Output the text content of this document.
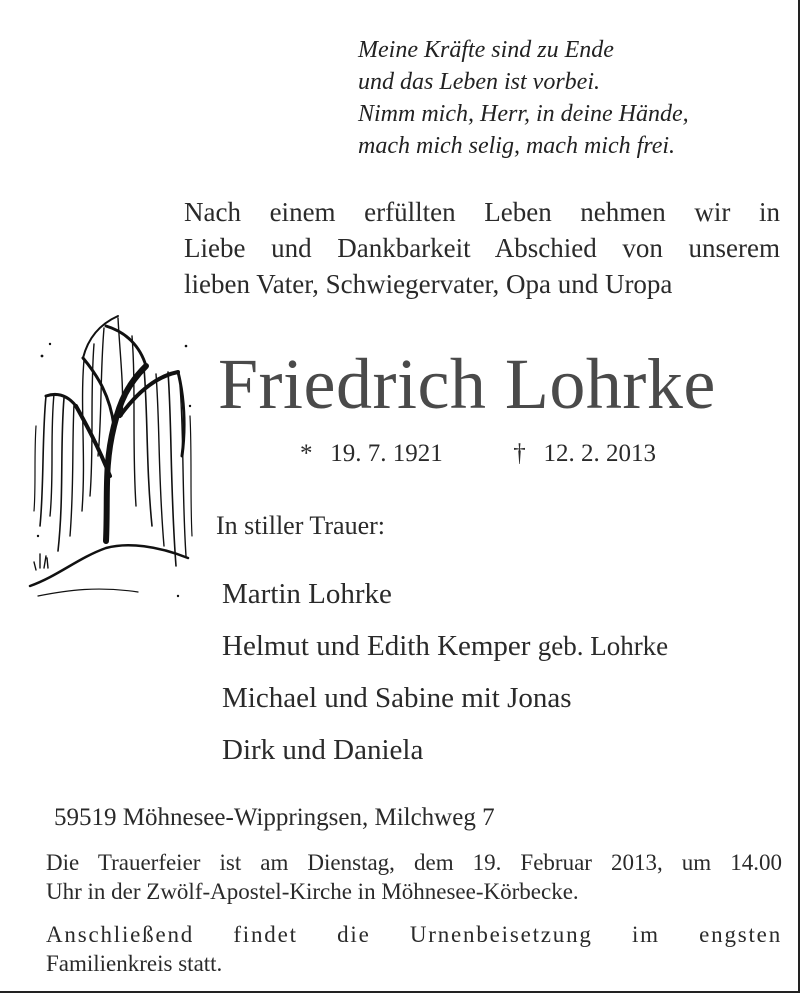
Meine Kräfte sind zu Ende
und das Leben ist vorbei.
Nimm mich, Herr, in deine Hände,
mach mich selig, mach mich frei.
Nach einem erfüllten Leben nehmen wir in
Liebe und Dankbarkeit Abschied von unserem
lieben Vater, Schwiegervater, Opa und Uropa
Friedrich Lohrke
* 19. 7. 1921	† 12. 2. 2013
In stiller Trauer:
Martin Lohrke
Helmut und Edith Kemper geb. Lohrke
Michael und Sabine mit Jonas
Dirk und Daniela
59519 Möhnesee-Wippringsen, Milchweg 7
Die Trauerfeier ist am Dienstag, dem 19. Februar 2013, um 14.00
Uhr in der Zwölf-Apostel-Kirche in Möhnesee-Körbecke.
Anschließend findet die Urnenbeisetzung im engsten
Familienkreis statt.
